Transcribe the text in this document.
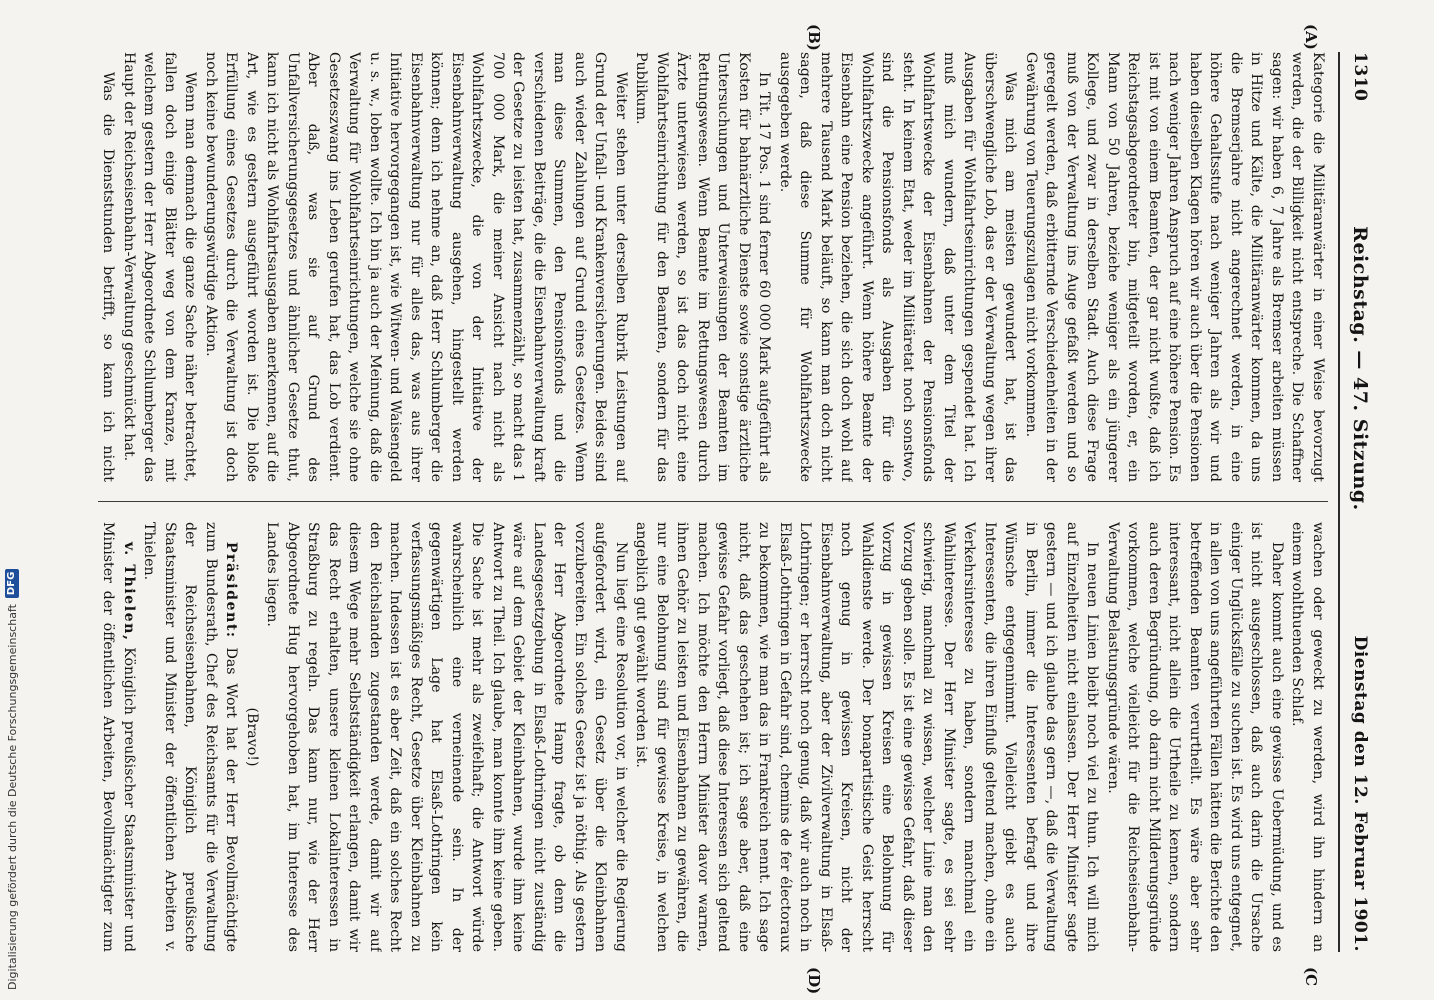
1310
Reichstag. — 47. Sitzung.
Dienstag den 12. Februar 1901.
(A)
(B)
(C
(D)

Kategorie die Militäranwärter in einer Weise bevorzugt werden, die der Billigkeit nicht entspreche. Die Schaffner sagen: wir haben 6, 7 Jahre als Bremser arbeiten müssen in Hitze und Kälte, die Militäranwärter kommen, da uns die Bremserjahre nicht angerechnet werden, in eine höhere Gehaltsstufe nach weniger Jahren als wir und haben dieselben Klagen hören wir auch über die Pensionen nach weniger Jahren Anspruch auf eine höhere Pension. Es ist mit von einem Beamten, der gar nicht wußte, daß ich Reichstagsabgeordneter bin, mitgeteilt worden, er, ein Mann von 50 Jahren, beziehe weniger als ein jüngerer Kollege, und zwar in derselben Stadt. Auch diese Frage muß von der Verwaltung ins Auge gefaßt werden und so geregelt werden, daß erbitternde Verschiedenheiten in der Gewährung von Teuerungszulagen nicht vorkommen.

Was mich am meisten gewundert hat, ist das überschwengliche Lob, das er der Verwaltung wegen ihrer Ausgaben für Wohlfahrtseinrichtungen gespendet hat. Ich muß mich wundern, daß unter dem Titel der Wohlfahrtswecke der Eisenbahnen der Pensionsfonds steht. In keinem Etat, weder im Militäretat noch sonstwo, sind die Pensionsfonds als Ausgaben für die Wohlfahrtszwecke angeführt. Wenn höhere Beamte der Eisenbahn eine Pension beziehen, die sich doch wohl auf mehrere Tausend Mark beläuft, so kann man doch nicht sagen, daß diese Summe für Wohlfahrtszwecke ausgegeben werde.

In Tit. 17 Pos. 1 sind ferner 60 000 Mark aufgeführt als Kosten für bahnärztliche Dienste sowie sonstige ärztliche Untersuchungen und Unterweisungen der Beamten im Rettungswesen. Wenn Beamte im Rettungswesen durch Ärzte unterwiesen werden, so ist das doch nicht eine Wohlfahrtseinrichtung für den Beamten, sondern für das Publikum.

Weiter stehen unter derselben Rubrik Leistungen auf Grund der Unfall- und Krankenversicherungen. Beides sind auch wieder Zahlungen auf Grund eines Gesetzes. Wenn man diese Summen, den Pensionsfonds und die verschiedenen Beiträge, die die Eisenbahnverwaltung kraft der Gesetze zu leisten hat, zusammenzählt, so macht das 1 700 000 Mark, die meiner Ansicht nach nicht als Wohlfahrtszwecke, die von der Initiative der Eisenbahnverwaltung ausgehen, hingestellt werden können; denn ich nehme an, daß Herr Schlumberger die Eisenbahnverwaltung nur für alles das, was aus ihrer Initiative hervorgegangen ist, wie Witwen- und Waisengeld u. s. w., loben wollte. Ich bin ja auch der Meinung, daß die Verwaltung für Wohlfahrtseinrichtungen, welche sie ohne Gesetzeszwang ins Leben gerufen hat, das Lob verdient. Aber daß, was sie auf Grund des Unfallversicherungsgesetzes und ähnlicher Gesetze thut, kann ich nicht als Wohlfahrtsausgaben anerkennen, auf die Art, wie es gestern ausgeführt worden ist. Die bloße Erfüllung eines Gesetzes durch die Verwaltung ist doch noch keine bewunderungswürdige Aktion.

Wenn man demnach die ganze Sache näher betrachtet, fallen doch einige Blätter weg von dem Kranze, mit welchem gestern der Herr Abgeordnete Schlumberger das Haupt der Reichseisenbahn-Verwaltung geschmückt hat.

Was die Dienststunden betrifft, so kann ich nicht

wachen oder geweckt zu werden, wird ihn hindern an einem wohlthuenden Schlaf.

Daher kommt auch eine gewisse Uebermüdung, und es ist nicht ausgeschlossen, daß auch darin die Ursache einiger Unglücksfälle zu suchen ist. Es wird uns entgegnet, in allen von uns angeführten Fällen hätten die Berichte den betreffenden Beamten verurtheilt. Es wäre aber sehr interessant, nicht allein die Urtheile zu kennen, sondern auch deren Begründung, ob darin nicht Milderungsgründe vorkommen, welche vielleicht für die Reichseisenbahn-Verwaltung Belastungsgründe wären.

In neuen Linien bleibt noch viel zu thun. Ich will mich auf Einzelheiten nicht einlassen. Der Herr Minister sagte gestern — und ich glaube das gern —, daß die Verwaltung in Berlin, immer die Interessenten befragt und ihre Wünsche entgegennimmt. Vielleicht giebt es auch Interessenten, die ihren Einfluß geltend machen, ohne ein Verkehrsinteresse zu haben, sondern manchmal ein Wahlinteresse. Der Herr Minister sagte, es sei sehr schwierig, manchmal zu wissen, welcher Linie man den Vorzug geben solle. Es ist eine gewisse Gefahr, daß dieser Vorzug in gewissen Kreisen eine Belohnung für Wahldienste werde. Der bonapartistische Geist herrscht noch genug in gewissen Kreisen, nicht der Eisenbahnverwaltung, aber der Zivilverwaltung in Elsaß-Lothringen; er herrscht noch genug, daß wir auch noch in Elsaß-Lothringen in Gefahr sind, chemins de fer électoraux zu bekommen, wie man das in Frankreich nennt. Ich sage nicht, daß das geschehen ist; ich sage aber, daß eine gewisse Gefahr vorliegt, daß diese Interessen sich geltend machen. Ich möchte den Herrn Minister davor warnen, ihnen Gehör zu leisten und Eisenbahnen zu gewähren, die nur eine Belohnung sind für gewisse Kreise, in welchen angeblich gut gewählt worden ist.

Nun liegt eine Resolution vor, in welcher die Regierung aufgefordert wird, ein Gesetz über die Kleinbahnen vorzubereiten. Ein solches Gesetz ist ja nöthig. Als gestern der Herr Abgeordnete Hamp fragte, ob denn die Landesgesetzgebung in Elsaß-Lothringen nicht zuständig wäre auf dem Gebiet der Kleinbahnen, wurde ihm keine Antwort zu Theil. Ich glaube, man konnte ihm keine geben. Die Sache ist mehr als zweifelhaft; die Antwort würde wahrscheinlich eine verneinende sein. In der gegenwärtigen Lage hat Elsaß-Lothringen kein verfassungsmäßiges Recht, Gesetze über Kleinbahnen zu machen. Indessen ist es aber Zeit, daß ein solches Recht den Reichslanden zugestanden werde, damit wir auf diesem Wege mehr Selbstständigkeit erlangen, damit wir das Recht erhalten, unsere kleinen Lokalinteressen in Straßburg zu regeln. Das kann nur, wie der Herr Abgeordnete Hug hervorgehoben hat, im Interesse des Landes liegen.

(Bravo!)

Präsident: Das Wort hat der Herr Bevollmächtigte zum Bundesrath, Chef des Reichsamts für die Verwaltung der Reichseisenbahnen, Königlich preußische Staatsminister und Minister der öffentlichen Arbeiten v. Thielen.

v. Thielen, Königlich preußischer Staatsminister und Minister der öffentlichen Arbeiten, Bevollmächtigter zum

Digitalisierung gefördert durch die Deutsche Forschungsgemeinschaft
DFG
